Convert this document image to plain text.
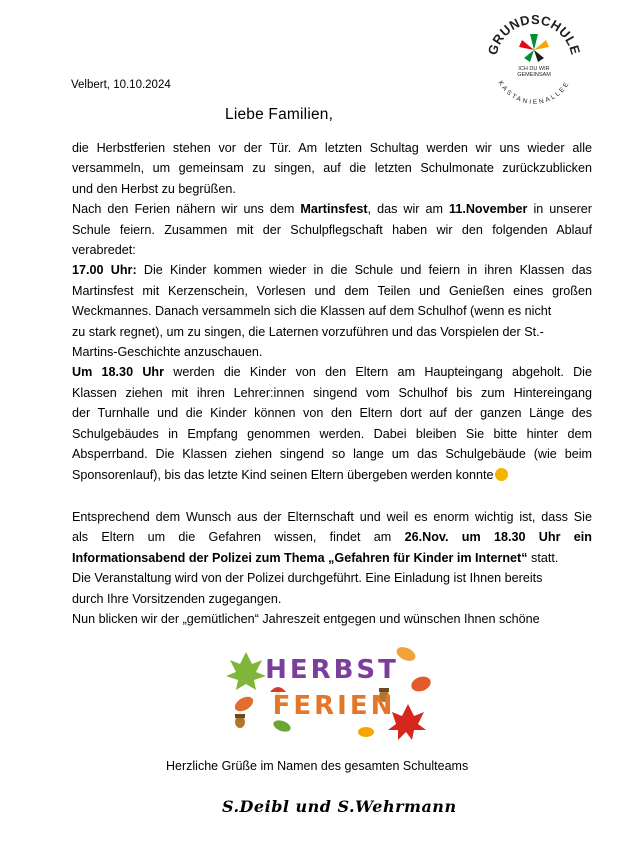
GRUNDSCHULE
KASTANIENALLEE
ICH DU WIR
GEMEINSAM
Velbert, 10.10.2024
Liebe Familien,
die Herbstferien stehen vor der Tür. Am letzten Schultag werden wir uns wieder alle
versammeln, um gemeinsam zu singen, auf die letzten Schulmonate zurückzublicken
und den Herbst zu begrüßen.
Nach den Ferien nähern wir uns dem Martinsfest, das wir am 11.November in unserer
Schule feiern. Zusammen mit der Schulpflegschaft haben wir den folgenden Ablauf
verabredet:
17.00 Uhr: Die Kinder kommen wieder in die Schule und feiern in ihren Klassen das
Martinsfest mit Kerzenschein, Vorlesen und dem Teilen und Genießen eines großen
Weckmannes. Danach versammeln sich die Klassen auf dem Schulhof (wenn es nicht
zu stark regnet), um zu singen, die Laternen vorzuführen und das Vorspielen der St.-
Martins-Geschichte anzuschauen.
Um 18.30 Uhr werden die Kinder von den Eltern am Haupteingang abgeholt. Die
Klassen ziehen mit ihren Lehrer:innen singend vom Schulhof bis zum Hintereingang
der Turnhalle und die Kinder können von den Eltern dort auf der ganzen Länge des
Schulgebäudes in Empfang genommen werden. Dabei bleiben Sie bitte hinter dem
Absperrband. Die Klassen ziehen singend so lange um das Schulgebäude (wie beim
Sponsorenlauf), bis das letzte Kind seinen Eltern übergeben werden konnte
Entsprechend dem Wunsch aus der Elternschaft und weil es enorm wichtig ist, dass Sie
als Eltern um die Gefahren wissen, findet am 26.Nov. um 18.30 Uhr ein
Informationsabend der Polizei zum Thema „Gefahren für Kinder im Internet“ statt.
Die Veranstaltung wird von der Polizei durchgeführt. Eine Einladung ist Ihnen bereits
durch Ihre Vorsitzenden zugegangen.
Nun blicken wir der „gemütlichen“ Jahreszeit entgegen und wünschen Ihnen schöne
HERBST
FERIEN
Herzliche Grüße im Namen des gesamten Schulteams
S.Deibl und S.Wehrmann
